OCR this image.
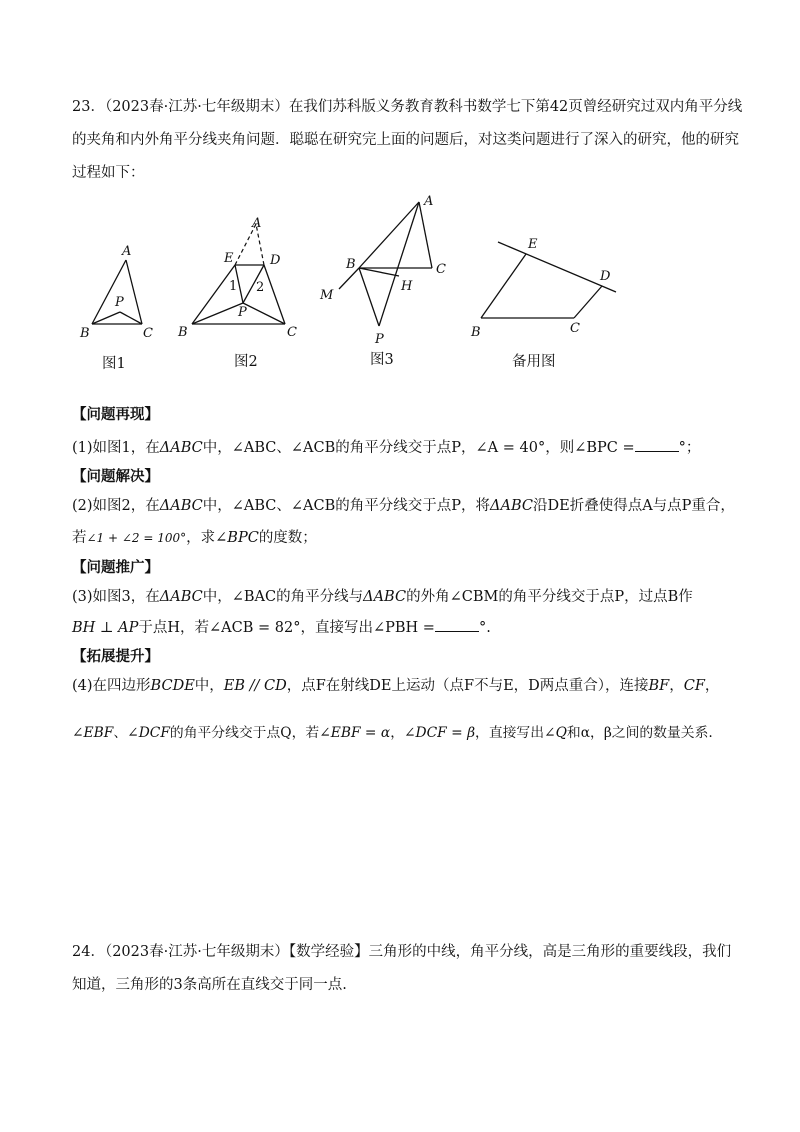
23．（2023春·江苏·七年级期末）在我们苏科版义务教育教科书数学七下第42页曾经研究过双内角平分线
的夹角和内外角平分线夹角问题．聪聪在研究完上面的问题后，对这类问题进行了深入的研究，他的研究
过程如下：
A
B	C
P
图1
A
E	D
1 2
P
B	C
图2
A
B	C
H
M
P
图3
E
D
B	C
备用图
【问题再现】
(1)如图1，在ΔABC中，∠ABC、∠ACB的角平分线交于点P，∠A = 40°，则∠BPC =	°；
【问题解决】
(2)如图2，在ΔABC中，∠ABC、∠ACB的角平分线交于点P，将ΔABC沿DE折叠使得点A与点P重合，
若∠1 + ∠2 = 100°，求∠BPC的度数；
【问题推广】
(3)如图3，在ΔABC中，∠BAC的角平分线与ΔABC的外角∠CBM的角平分线交于点P，过点B作
BH ⊥ AP于点H，若∠ACB = 82°，直接写出∠PBH =	°.
【拓展提升】
(4)在四边形BCDE中，EB // CD，点F在射线DE上运动（点F不与E，D两点重合），连接BF，CF，
∠EBF、∠DCF的角平分线交于点Q，若∠EBF = α，∠DCF = β，直接写出∠Q和α，β之间的数量关系.
24．（2023春·江苏·七年级期末）【数学经验】三角形的中线，角平分线，高是三角形的重要线段，我们
知道，三角形的3条高所在直线交于同一点.
